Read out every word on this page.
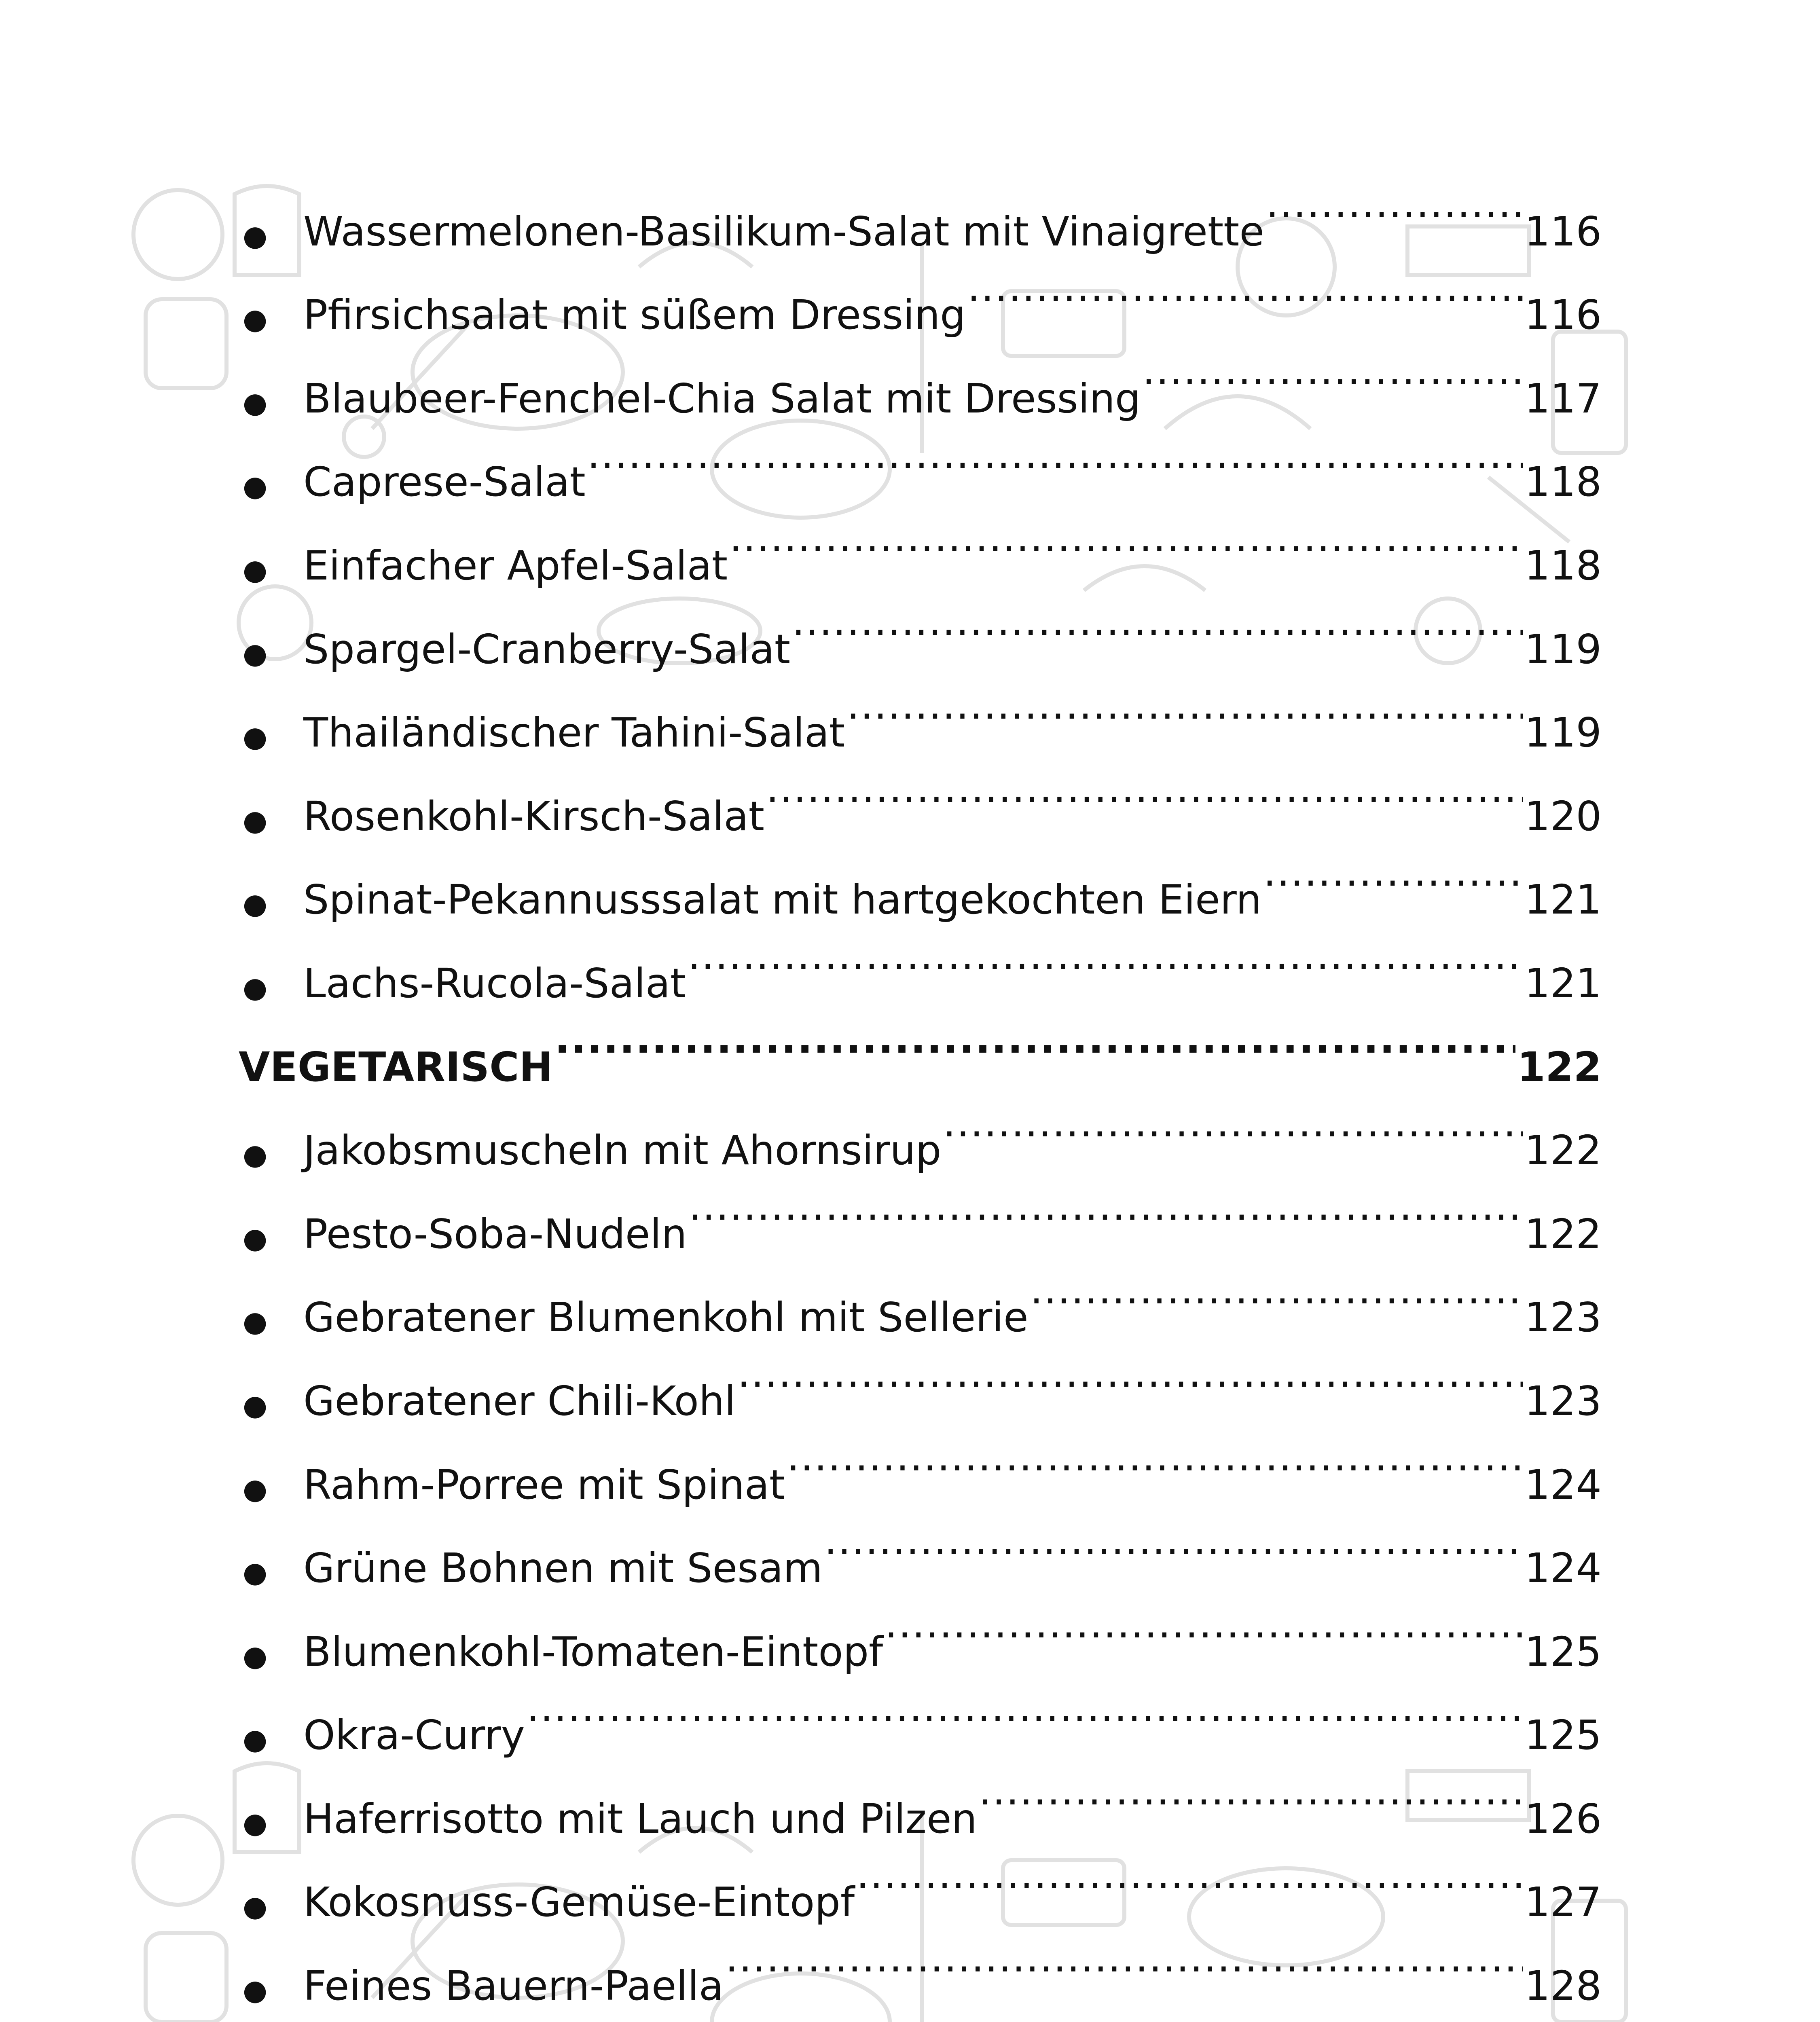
● Wassermelonen-Basilikum-Salat mit Vinaigrette .....	116
● Pfirsichsalat mit süßem Dressing .....	116
● Blaubeer-Fenchel-Chia Salat mit Dressing .....	117
● Caprese-Salat .....	118
● Einfacher Apfel-Salat .....	118
● Spargel-Cranberry-Salat .....	119
● Thailändischer Tahini-Salat .....	119
● Rosenkohl-Kirsch-Salat .....	120
● Spinat-Pekannusssalat mit hartgekochten Eiern .....	121
● Lachs-Rucola-Salat .....	121
VEGETARISCH .....	122
● Jakobsmuscheln mit Ahornsirup .....	122
● Pesto-Soba-Nudeln .....	122
● Gebratener Blumenkohl mit Sellerie .....	123
● Gebratener Chili-Kohl .....	123
● Rahm-Porree mit Spinat .....	124
● Grüne Bohnen mit Sesam .....	124
● Blumenkohl-Tomaten-Eintopf .....	125
● Okra-Curry .....	125
● Haferrisotto mit Lauch und Pilzen .....	126
● Kokosnuss-Gemüse-Eintopf .....	127
● Feines Bauern-Paella .....	128
.....
